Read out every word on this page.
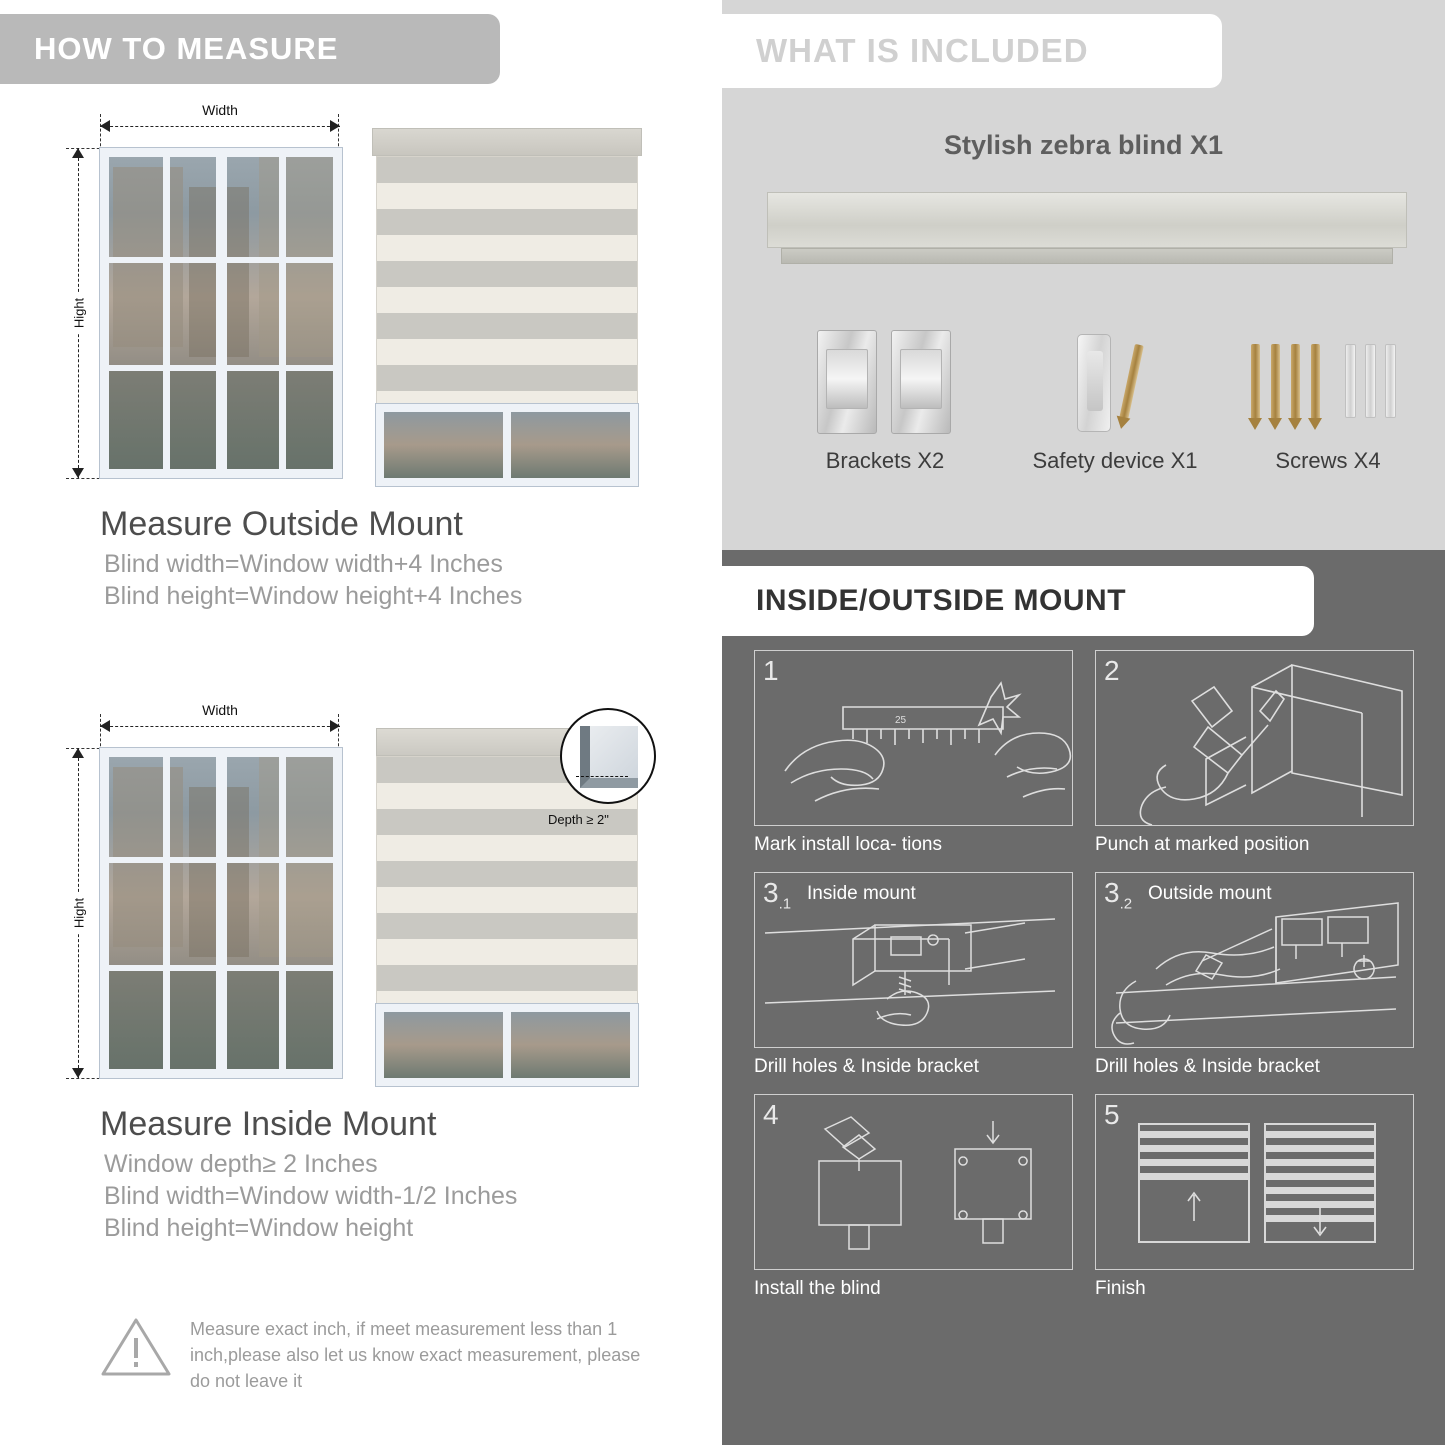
HOW TO MEASURE
Width
Hight
Measure Outside Mount
Blind width=Window width+4 Inches
Blind height=Window height+4 Inches
Width
Hight
Depth ≥ 2"
Measure Inside Mount
Window depth≥ 2 Inches
Blind width=Window width-1/2 Inches
Blind height=Window height
Measure exact inch, if meet measurement less than 1 inch,please also let us know exact measurement, please do not leave it
WHAT IS INCLUDED
Stylish zebra blind X1
Brackets X2	Safety device X1	Screws X4
INSIDE/OUTSIDE MOUNT
25
1
Mark install loca- tions
2
Punch at marked position
$3_{.1}$
Inside mount
Drill holes & Inside bracket
$3_{.2}$
Outside mount
Drill holes & Inside bracket
4
Install the blind
5
Finish
